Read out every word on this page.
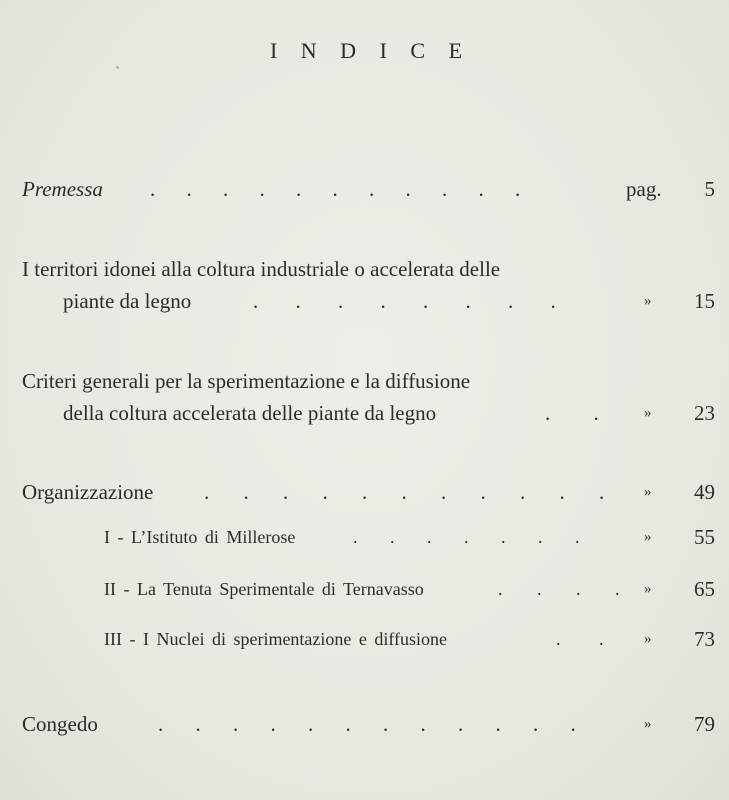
I N D I C E
Premessa . . . . . . . . . . .	pag.	5
I territori idonei alla coltura industriale o accelerata delle
piante da legno	. . . . . . . .	»	15
Criteri generali per la sperimentazione e la diffusione
della coltura accelerata delle piante da legno	. .	»	23
Organizzazione . . . . . . . . . . .	»	49
I - L’Istituto di Millerose	. . . . . . .	»	55
II - La Tenuta Sperimentale di Ternavasso	. . . . »	65
III - I Nuclei di sperimentazione e diffusione	. .	»	73
Congedo	. . . . . . . . . . . .	»	79
